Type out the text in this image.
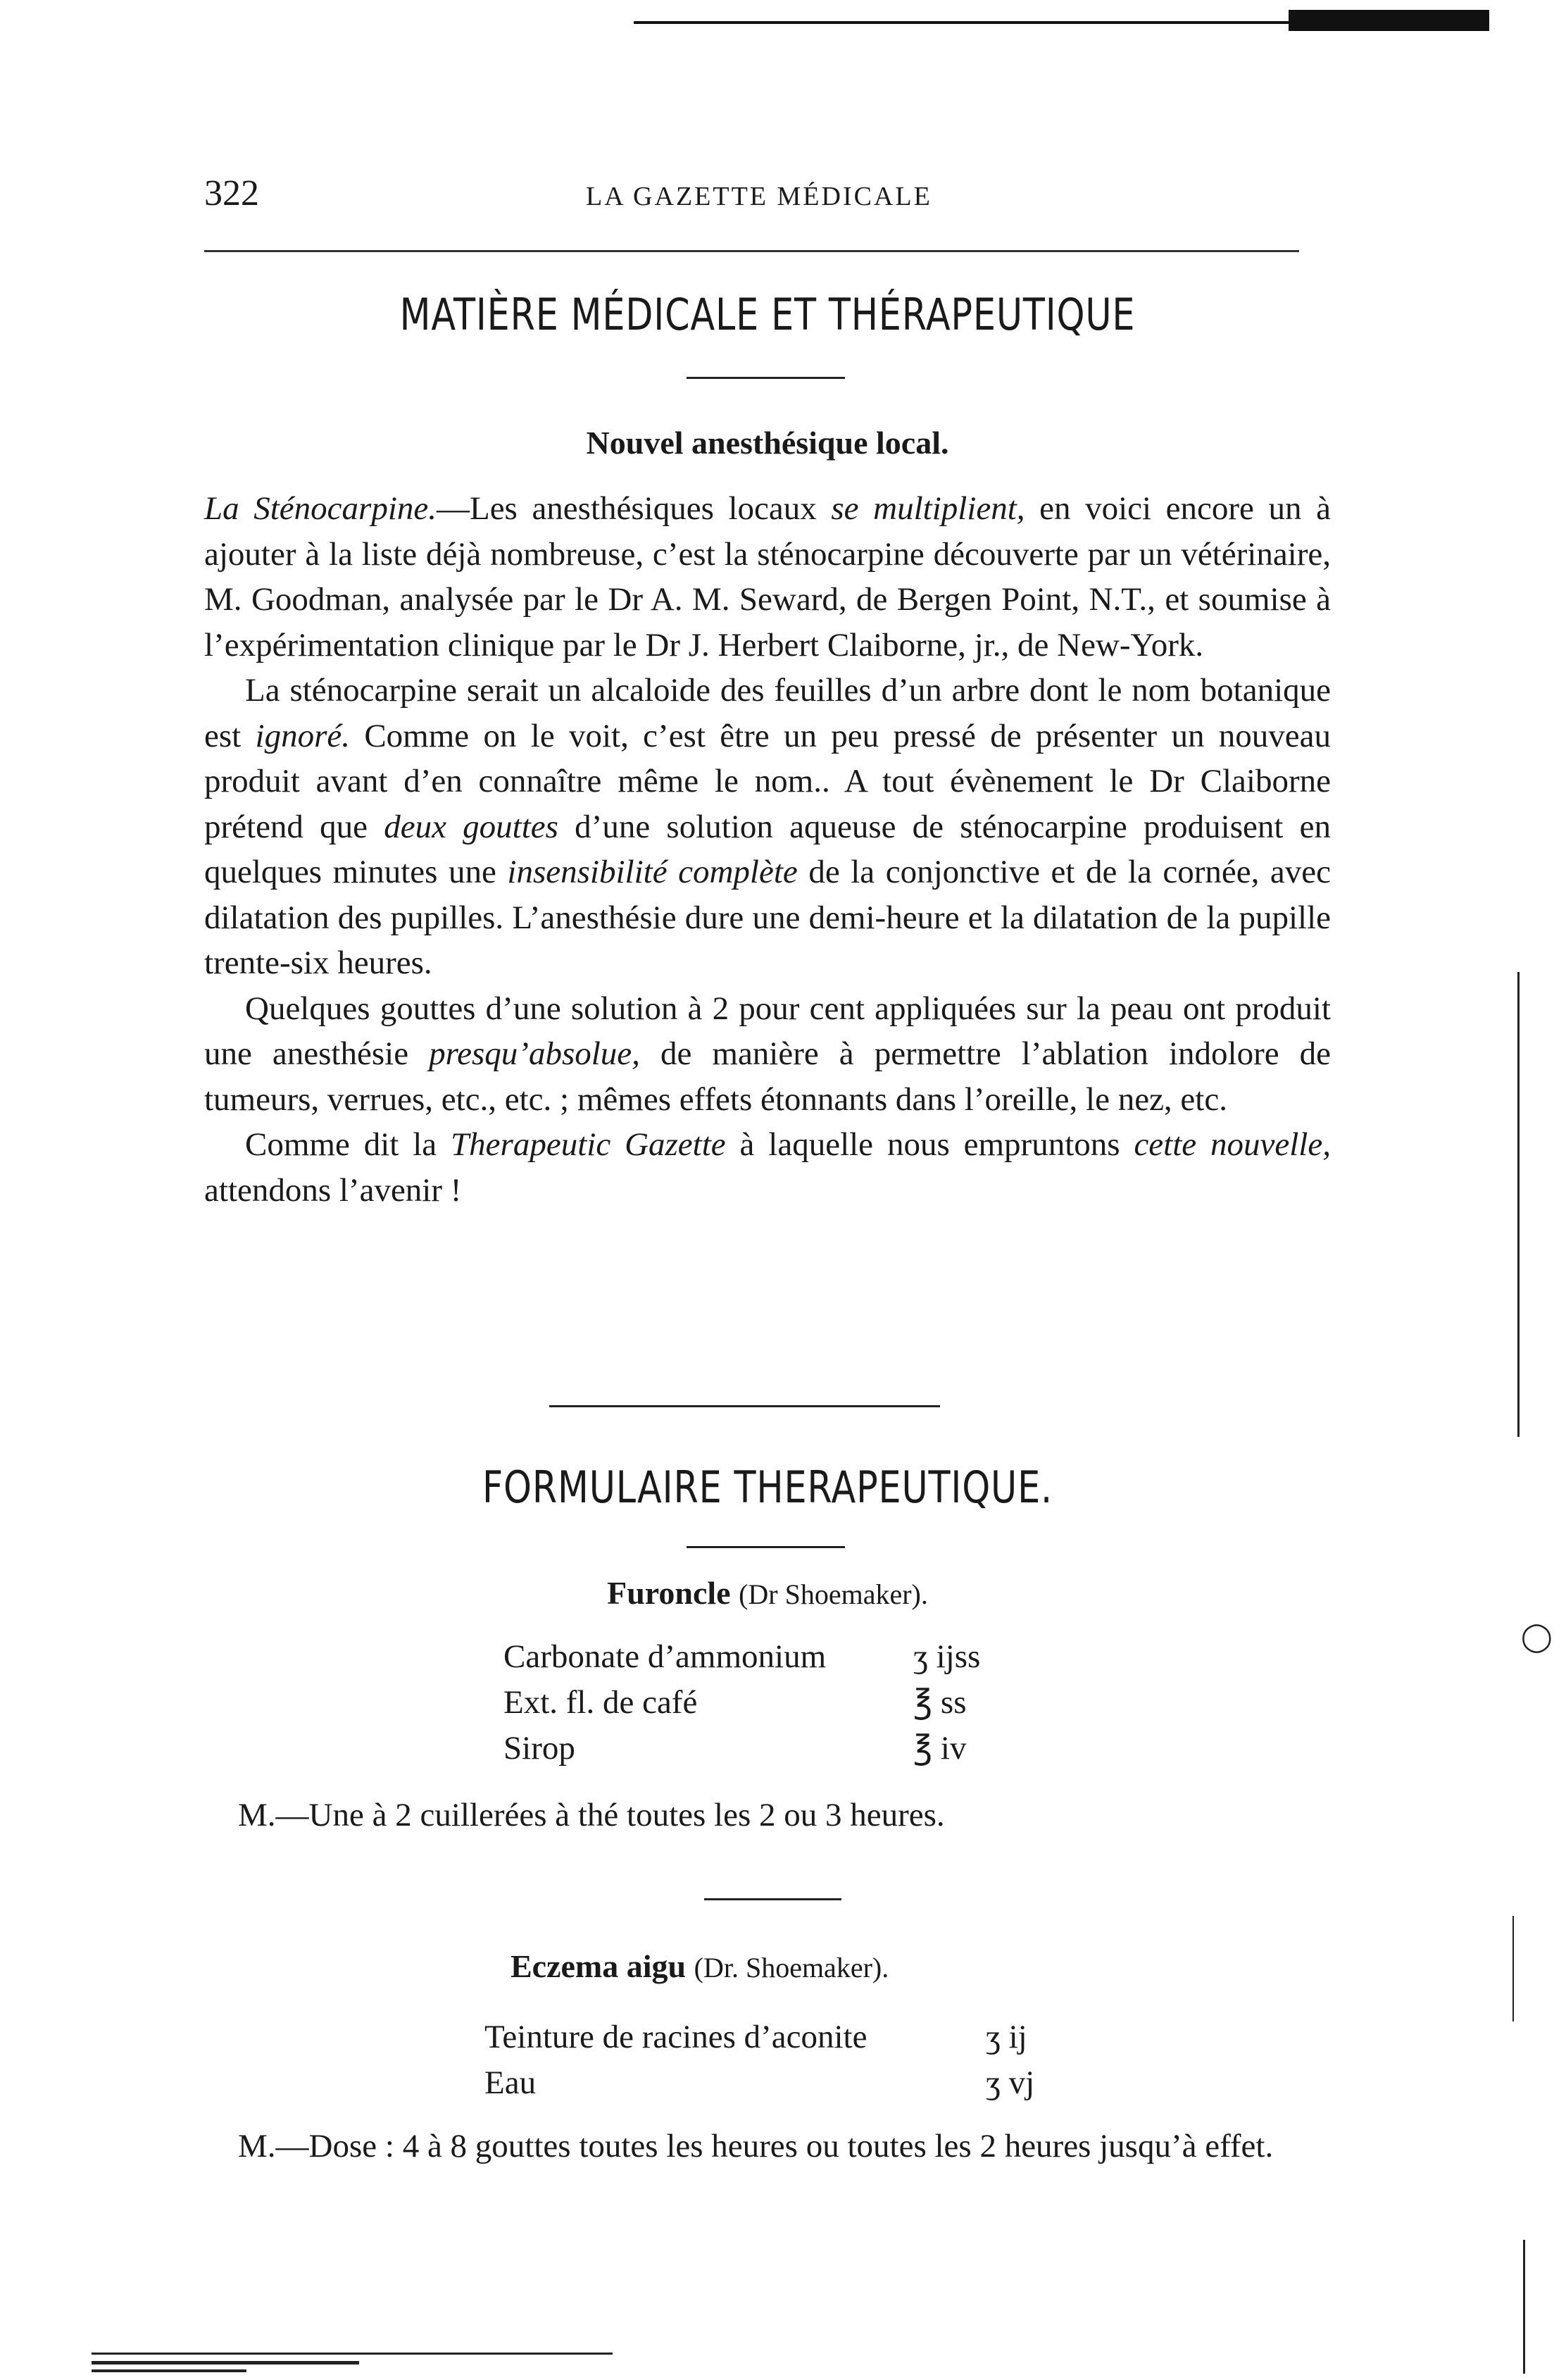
322	LA GAZETTE MÉDICALE
MATIÈRE MÉDICALE ET THÉRAPEUTIQUE
Nouvel anesthésique local.

La Sténocarpine.—Les anesthésiques locaux se multiplient, en voici encore un à ajouter à la liste déjà nombreuse, c’est la sténocarpine découverte par un vétérinaire, M. Goodman, analysée par le Dr A. M. Seward, de Bergen Point, N.T., et soumise à l’expérimentation clinique par le Dr J. Herbert Claiborne, jr., de New-York.

La sténocarpine serait un alcaloide des feuilles d’un arbre dont le nom botanique est ignoré. Comme on le voit, c’est être un peu pressé de présenter un nouveau produit avant d’en connaître même le nom.. A tout évènement le Dr Claiborne prétend que deux gouttes d’une solution aqueuse de sténocarpine produisent en quelques minutes une insensibilité complète de la conjonctive et de la cornée, avec dilatation des pupilles. L’anesthésie dure une demi-heure et la dilatation de la pupille trente-six heures.

Quelques gouttes d’une solution à 2 pour cent appliquées sur la peau ont produit une anesthésie presqu’absolue, de manière à permettre l’ablation indolore de tumeurs, verrues, etc., etc. ; mêmes effets étonnants dans l’oreille, le nez, etc.

Comme dit la Therapeutic Gazette à laquelle nous empruntons cette nouvelle, attendons l’avenir !

FORMULAIRE THERAPEUTIQUE.
Furoncle (Dr Shoemaker).
Carbonate d’ammonium	ʒ ijss
Ext. fl. de café	℥ ss
Sirop	℥ iv
M.—Une à 2 cuillerées à thé toutes les 2 ou 3 heures.
Eczema aigu (Dr. Shoemaker).
Teinture de racines d’aconite	ʒ ij
Eau	ʒ vj
M.—Dose : 4 à 8 gouttes toutes les heures ou toutes les 2 heures jusqu’à effet.
◯
